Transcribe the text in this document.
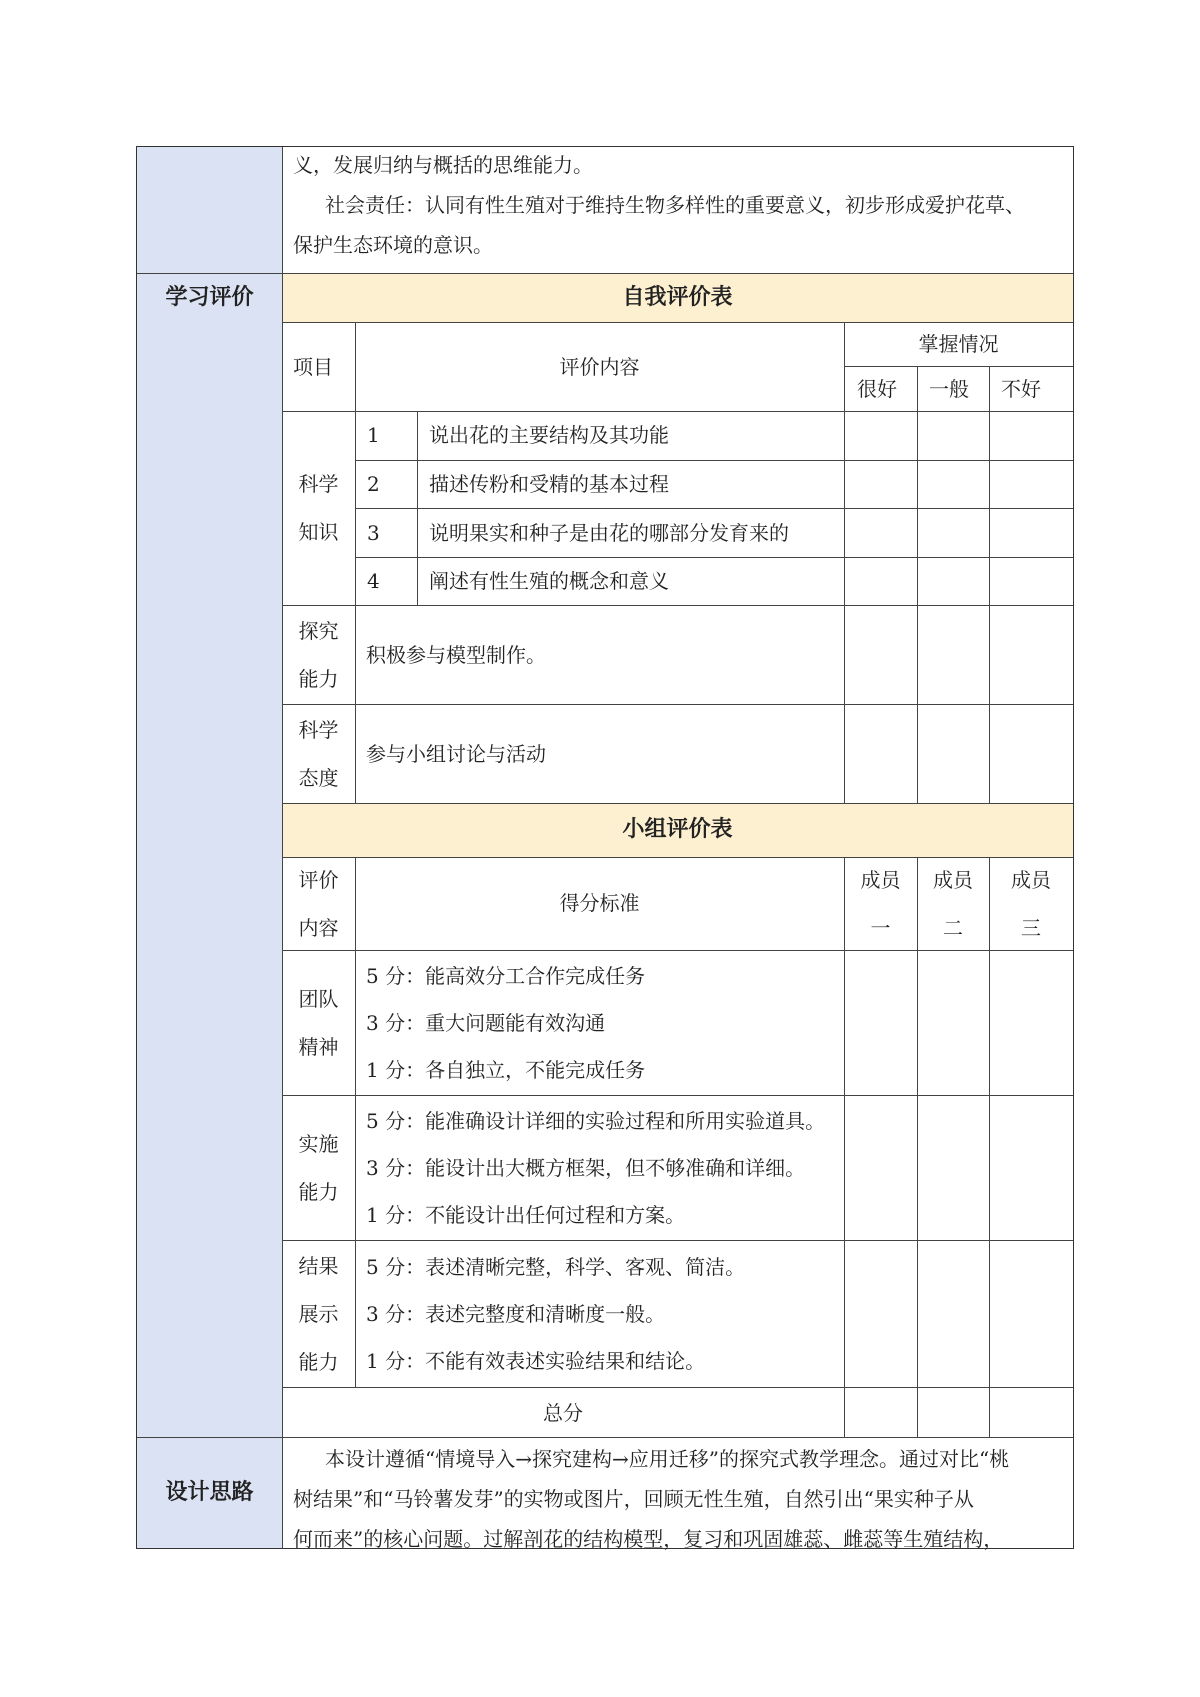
义，发展归纳与概括的思维能力。
社会责任：认同有性生殖对于维持生物多样性的重要意义，初步形成爱护花草、
保护生态环境的意识。
学习评价	自我评价表
项目	评价内容
掌握情况
很好 一般 不好
科学
知识
1 说出花的主要结构及其功能
2 描述传粉和受精的基本过程
3 说明果实和种子是由花的哪部分发育来的
4 阐述有性生殖的概念和意义
探究
能力
积极参与模型制作。
科学
态度
参与小组讨论与活动
小组评价表
评价
内容
得分标准
成员
一
成员
二
成员
三
团队
精神
5 分：能高效分工合作完成任务
3 分：重大问题能有效沟通
1 分：各自独立，不能完成任务
实施
能力
5 分：能准确设计详细的实验过程和所用实验道具。
3 分：能设计出大概方框架，但不够准确和详细。
1 分：不能设计出任何过程和方案。
结果
展示
能力
5 分：表述清晰完整，科学、客观、简洁。
3 分：表述完整度和清晰度一般。
1 分：不能有效表述实验结果和结论。
总分
设计思路
本设计遵循“情境导入→探究建构→应用迁移”的探究式教学理念。通过对比“桃
树结果”和“马铃薯发芽”的实物或图片，回顾无性生殖，自然引出“果实种子从
何而来”的核心问题。过解剖花的结构模型，复习和巩固雄蕊、雌蕊等生殖结构，
